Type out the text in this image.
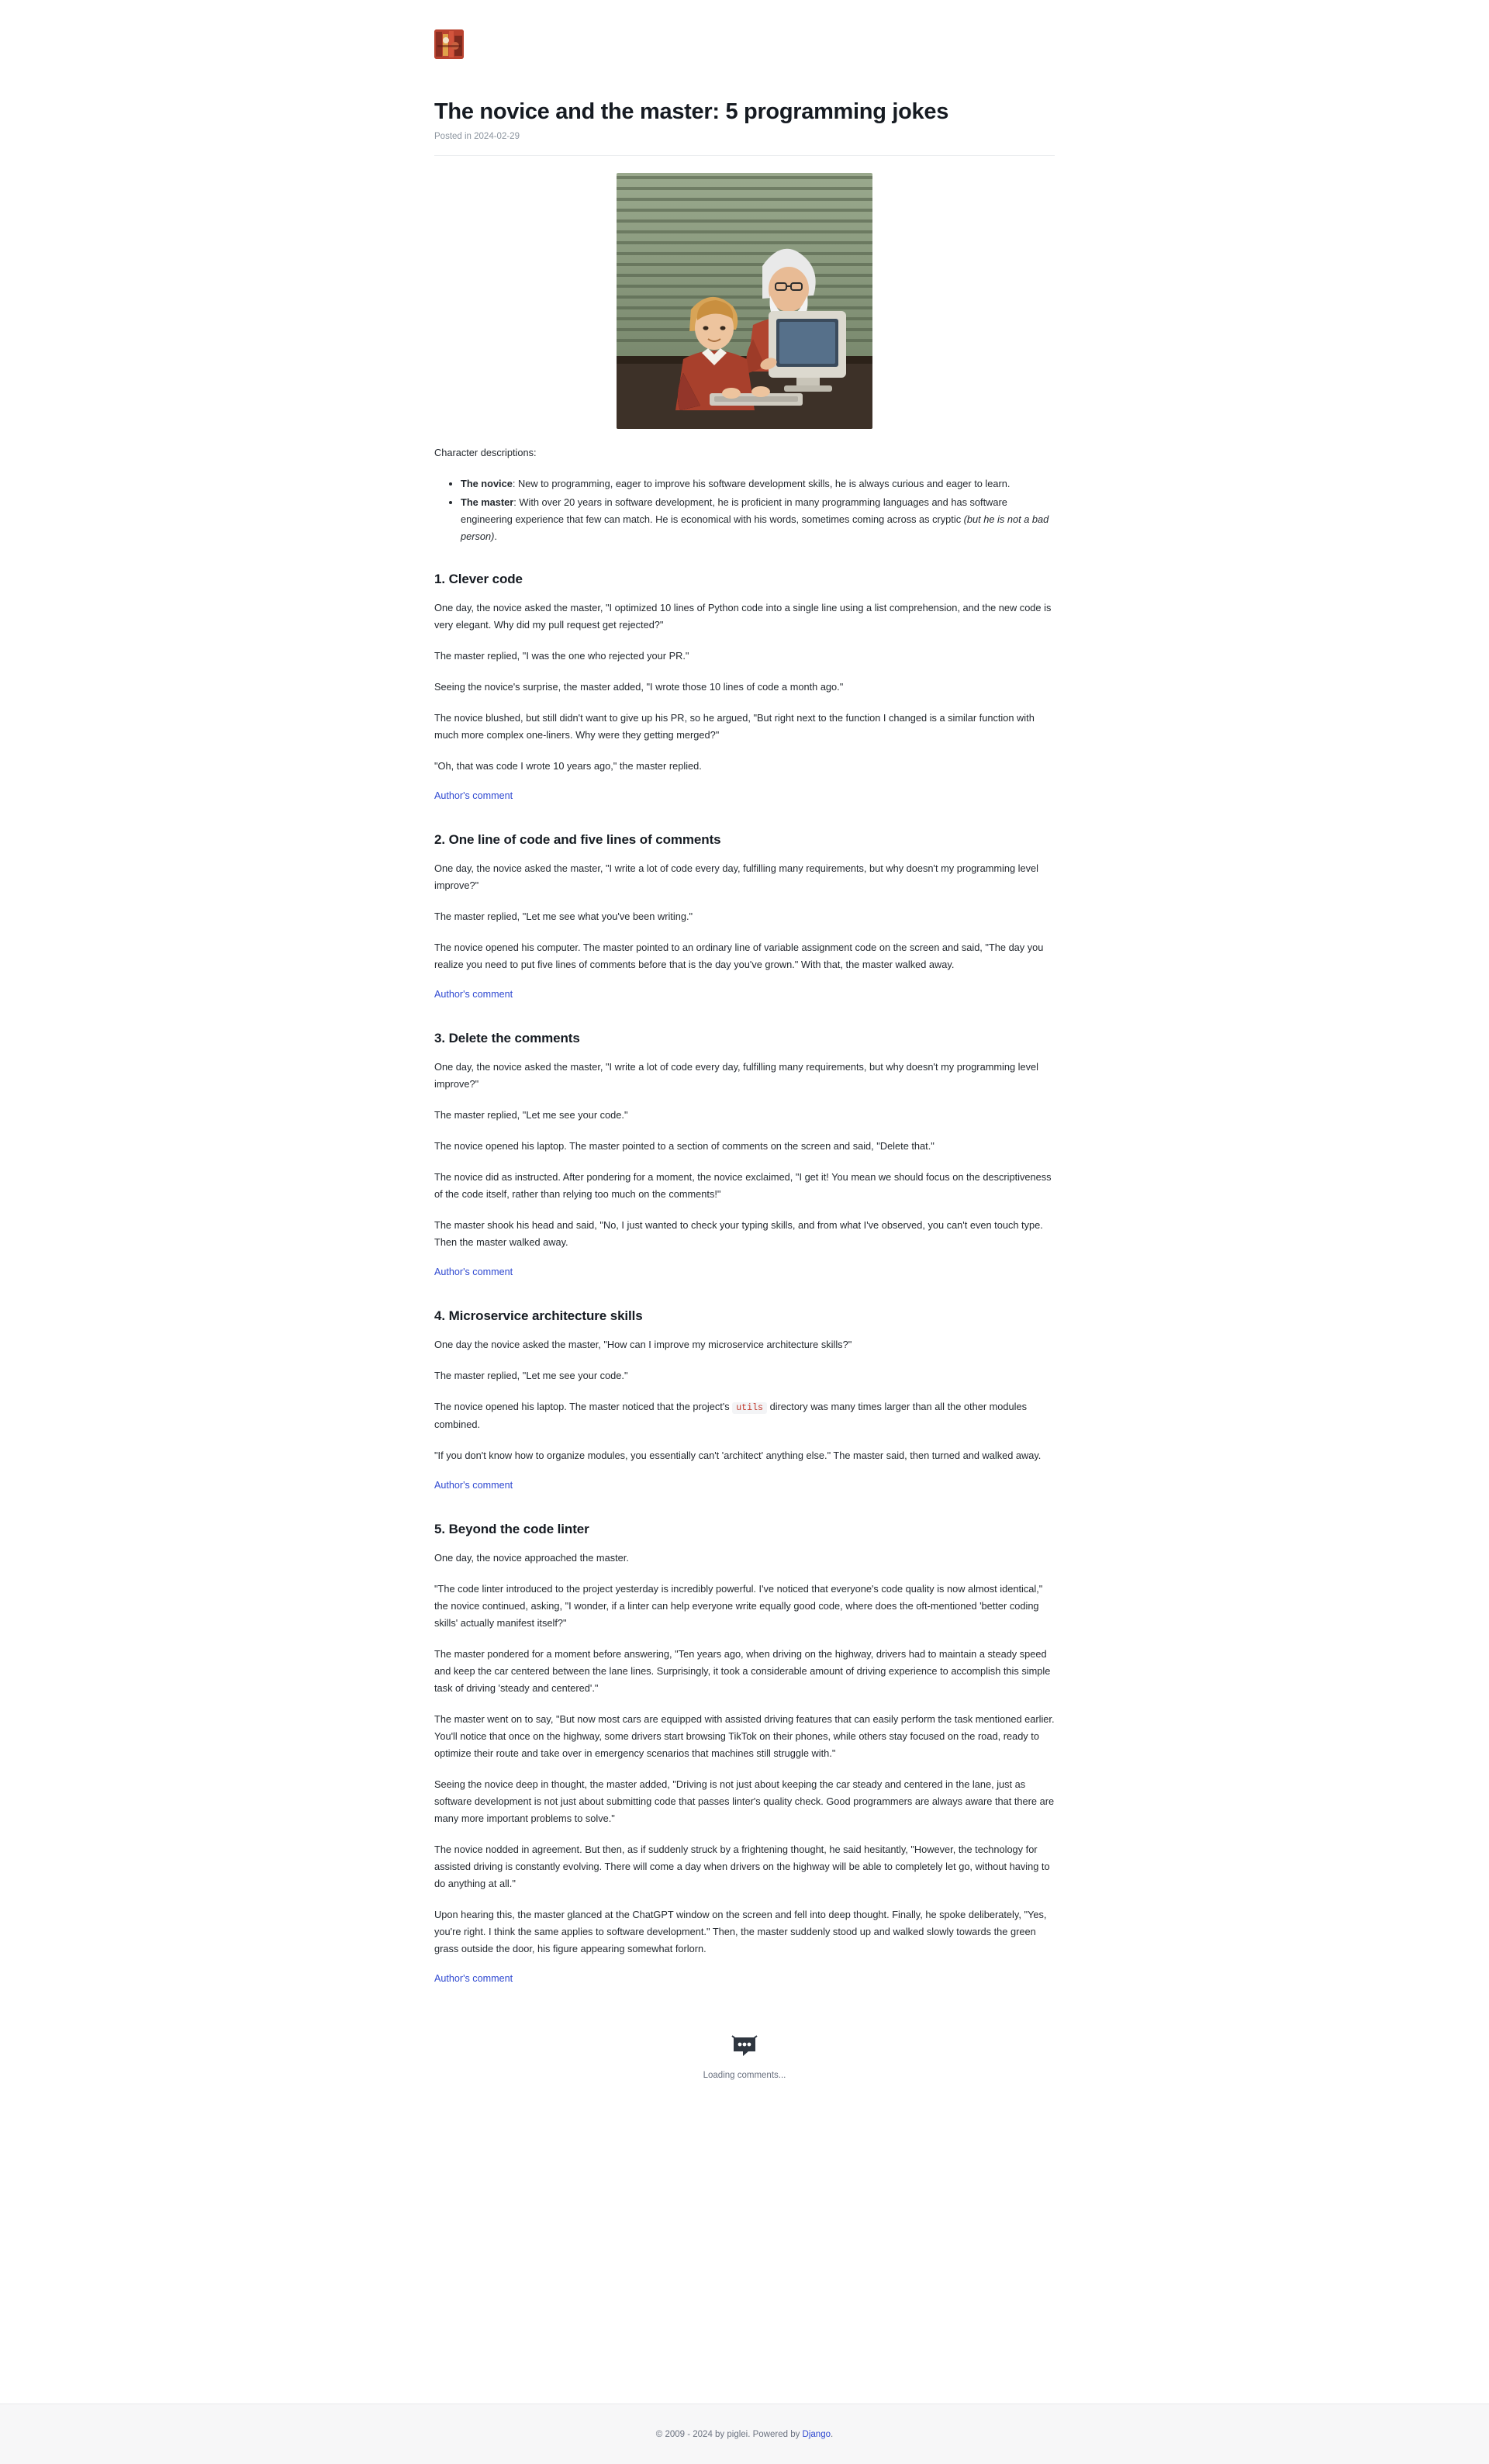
The novice and the master: 5 programming jokes
Posted in 2024-02-29

Character descriptions:

• The novice: New to programming, eager to improve his software development skills, he is always curious and eager to learn.
• The master: With over 20 years in software development, he is proficient in many programming languages and has software engineering experience that few can match. He is economical with his words, sometimes coming across as cryptic (but he is not a bad person).
1. Clever code

One day, the novice asked the master, "I optimized 10 lines of Python code into a single line using a list comprehension, and the new code is very elegant. Why did my pull request get rejected?"

The master replied, "I was the one who rejected your PR."

Seeing the novice's surprise, the master added, "I wrote those 10 lines of code a month ago."

The novice blushed, but still didn't want to give up his PR, so he argued, "But right next to the function I changed is a similar function with much more complex one-liners. Why were they getting merged?"

"Oh, that was code I wrote 10 years ago," the master replied.

Author's comment
2. One line of code and five lines of comments

One day, the novice asked the master, "I write a lot of code every day, fulfilling many requirements, but why doesn't my programming level improve?"

The master replied, "Let me see what you've been writing."

The novice opened his computer. The master pointed to an ordinary line of variable assignment code on the screen and said, "The day you realize you need to put five lines of comments before that is the day you've grown." With that, the master walked away.

Author's comment
3. Delete the comments

One day, the novice asked the master, "I write a lot of code every day, fulfilling many requirements, but why doesn't my programming level improve?"

The master replied, "Let me see your code."

The novice opened his laptop. The master pointed to a section of comments on the screen and said, "Delete that."

The novice did as instructed. After pondering for a moment, the novice exclaimed, "I get it! You mean we should focus on the descriptiveness of the code itself, rather than relying too much on the comments!"

The master shook his head and said, "No, I just wanted to check your typing skills, and from what I've observed, you can't even touch type. Then the master walked away.

Author's comment
4. Microservice architecture skills

One day the novice asked the master, "How can I improve my microservice architecture skills?"

The master replied, "Let me see your code."

The novice opened his laptop. The master noticed that the project's utils directory was many times larger than all the other modules combined.

"If you don't know how to organize modules, you essentially can't 'architect' anything else." The master said, then turned and walked away.

Author's comment
5. Beyond the code linter

One day, the novice approached the master.

"The code linter introduced to the project yesterday is incredibly powerful. I've noticed that everyone's code quality is now almost identical," the novice continued, asking, "I wonder, if a linter can help everyone write equally good code, where does the oft-mentioned 'better coding skills' actually manifest itself?"

The master pondered for a moment before answering, "Ten years ago, when driving on the highway, drivers had to maintain a steady speed and keep the car centered between the lane lines. Surprisingly, it took a considerable amount of driving experience to accomplish this simple task of driving 'steady and centered'."

The master went on to say, "But now most cars are equipped with assisted driving features that can easily perform the task mentioned earlier. You'll notice that once on the highway, some drivers start browsing TikTok on their phones, while others stay focused on the road, ready to optimize their route and take over in emergency scenarios that machines still struggle with."

Seeing the novice deep in thought, the master added, "Driving is not just about keeping the car steady and centered in the lane, just as software development is not just about submitting code that passes linter's quality check. Good programmers are always aware that there are many more important problems to solve."

The novice nodded in agreement. But then, as if suddenly struck by a frightening thought, he said hesitantly, "However, the technology for assisted driving is constantly evolving. There will come a day when drivers on the highway will be able to completely let go, without having to do anything at all."

Upon hearing this, the master glanced at the ChatGPT window on the screen and fell into deep thought. Finally, he spoke deliberately, "Yes, you're right. I think the same applies to software development." Then, the master suddenly stood up and walked slowly towards the green grass outside the door, his figure appearing somewhat forlorn.

Author's comment
Loading comments...
© 2009 - 2024 by piglei. Powered by Django.
